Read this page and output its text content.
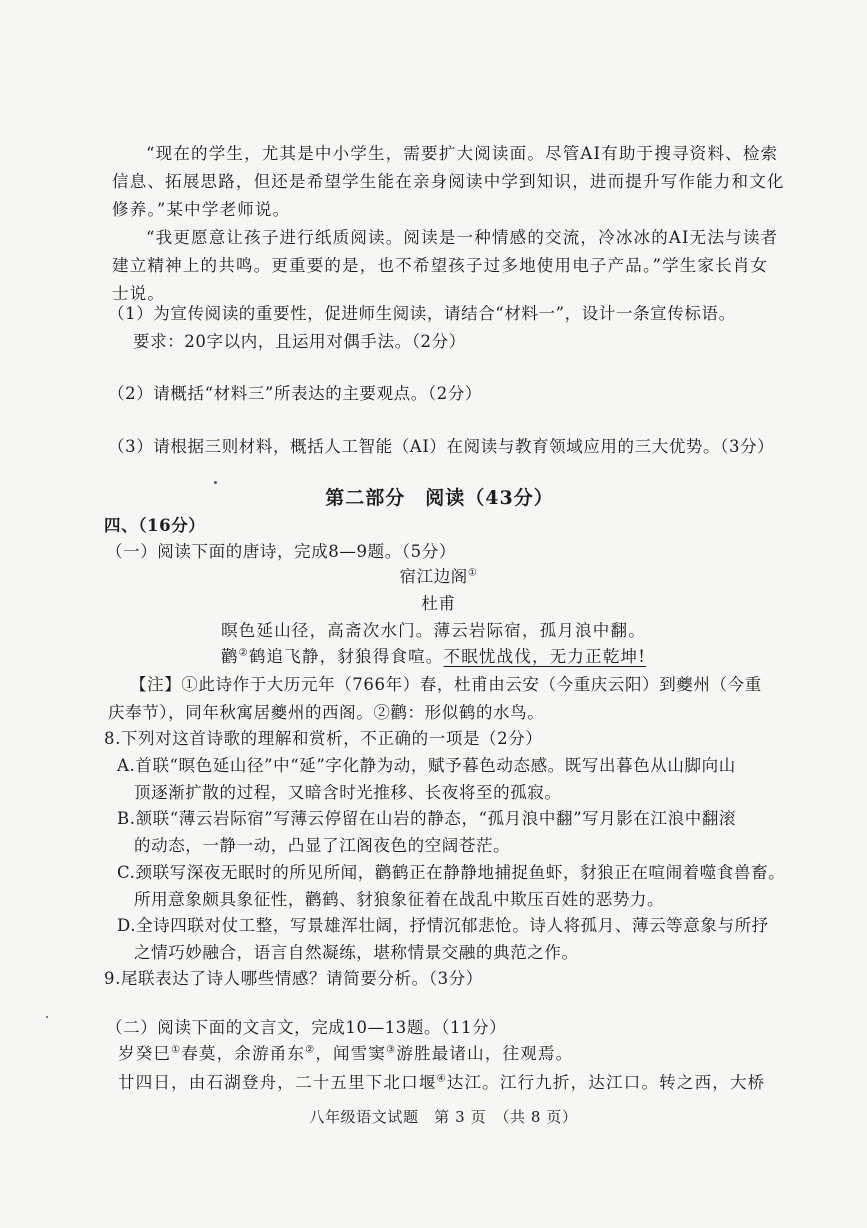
“现在的学生，尤其是中小学生，需要扩大阅读面。尽管AI有助于搜寻资料、检索
信息、拓展思路，但还是希望学生能在亲身阅读中学到知识，进而提升写作能力和文化
修养。”某中学老师说。
“我更愿意让孩子进行纸质阅读。阅读是一种情感的交流，冷冰冰的AI无法与读者
建立精神上的共鸣。更重要的是，也不希望孩子过多地使用电子产品。”学生家长肖女
士说。
（1）为宣传阅读的重要性，促进师生阅读，请结合“材料一”，设计一条宣传标语。
要求：20字以内，且运用对偶手法。（2分）
（2）请概括“材料三”所表达的主要观点。（2分）
（3）请根据三则材料，概括人工智能（AI）在阅读与教育领域应用的三大优势。（3分）
第二部分　阅读（43分）
四、（16分）
（一）阅读下面的唐诗，完成8—9题。（5分）
宿江边阁①
杜甫
暝色延山径，高斋次水门。薄云岩际宿，孤月浪中翻。
鹳②鹤追飞静，豺狼得食喧。不眠忧战伐，无力正乾坤!
【注】①此诗作于大历元年（766年）春，杜甫由云安（今重庆云阳）到夔州（今重
庆奉节），同年秋寓居夔州的西阁。②鹳：形似鹤的水鸟。
8.下列对这首诗歌的理解和赏析，不正确的一项是（2分）
A.首联“暝色延山径”中“延”字化静为动，赋予暮色动态感。既写出暮色从山脚向山
顶逐渐扩散的过程，又暗含时光推移、长夜将至的孤寂。
B.颔联“薄云岩际宿”写薄云停留在山岩的静态，“孤月浪中翻”写月影在江浪中翻滚
的动态，一静一动，凸显了江阁夜色的空阔苍茫。
C.颈联写深夜无眠时的所见所闻，鹳鹤正在静静地捕捉鱼虾，豺狼正在喧闹着噬食兽畜。
所用意象颇具象征性，鹳鹤、豺狼象征着在战乱中欺压百姓的恶势力。
D.全诗四联对仗工整，写景雄浑壮阔，抒情沉郁悲怆。诗人将孤月、薄云等意象与所抒
之情巧妙融合，语言自然凝练，堪称情景交融的典范之作。
9.尾联表达了诗人哪些情感？请简要分析。（3分）
（二）阅读下面的文言文，完成10—13题。（11分）
岁癸巳①春莫，余游甬东②，闻雪窦③游胜最诸山，往观焉。
廿四日，由石湖登舟，二十五里下北口堰④达江。江行九折，达江口。转之西，大桥
八年级语文试题　第 3 页　（共 8 页）
